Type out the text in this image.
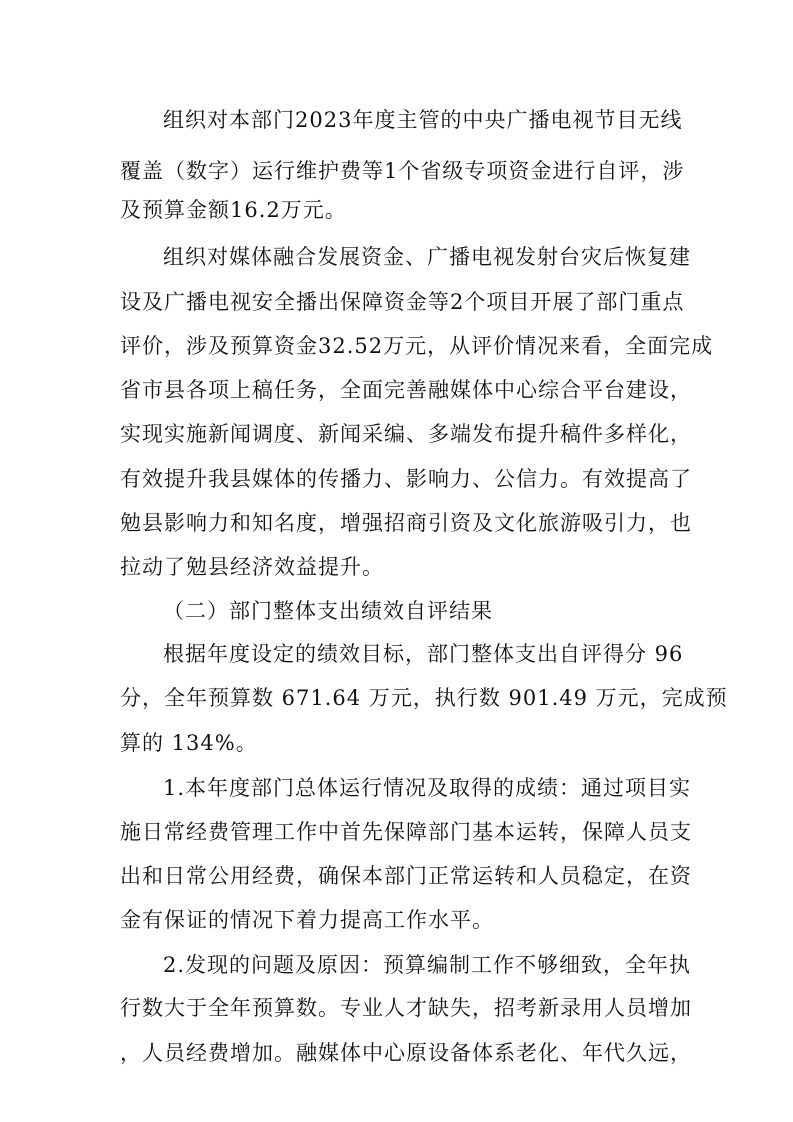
组织对本部门2023年度主管的中央广播电视节目无线
覆盖（数字）运行维护费等1个省级专项资金进行自评，涉
及预算金额16.2万元。
组织对媒体融合发展资金、广播电视发射台灾后恢复建
设及广播电视安全播出保障资金等2个项目开展了部门重点
评价，涉及预算资金32.52万元，从评价情况来看，全面完成
省市县各项上稿任务，全面完善融媒体中心综合平台建设，
实现实施新闻调度、新闻采编、多端发布提升稿件多样化，
有效提升我县媒体的传播力、影响力、公信力。有效提高了
勉县影响力和知名度，增强招商引资及文化旅游吸引力，也
拉动了勉县经济效益提升。
（二）部门整体支出绩效自评结果
根据年度设定的绩效目标，部门整体支出自评得分 96
分，全年预算数 671.64 万元，执行数 901.49 万元，完成预
算的 134%。
1.本年度部门总体运行情况及取得的成绩：通过项目实
施日常经费管理工作中首先保障部门基本运转，保障人员支
出和日常公用经费，确保本部门正常运转和人员稳定，在资
金有保证的情况下着力提高工作水平。
2.发现的问题及原因：预算编制工作不够细致，全年执
行数大于全年预算数。专业人才缺失，招考新录用人员增加
，人员经费增加。融媒体中心原设备体系老化、年代久远，
